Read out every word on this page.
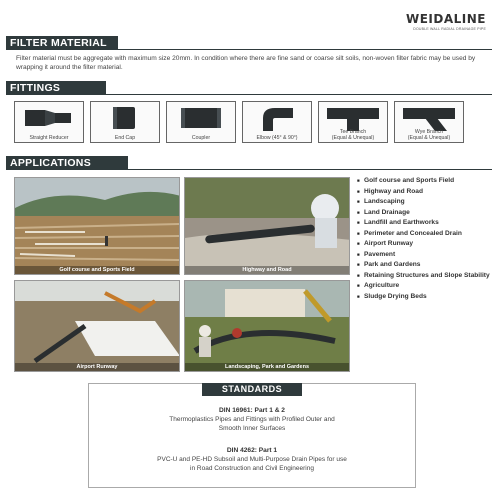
WEIDALINE
DOUBLE WALL RADIAL DRAINAGE PIPE
FILTER MATERIAL

Filter material must be aggregate with maximum size 20mm. In condition where there are fine sand or coarse silt soils, non-woven filter fabric may be used by wrapping it around the filter material.

FITTINGS
Straight Reducer	End Cap	Coupler	Elbow (45° & 90°)
Tee Branch
(Equal & Unequal)
Wye Branch
(Equal & Unequal)
APPLICATIONS
Golf course and Sports Field	Highway and Road
Airport Runway	Landscaping, Park and Gardens
■ Golf course and Sports Field
■ Highway and Road
■ Landscaping
■ Land Drainage
■ Landfill and Earthworks
■ Perimeter and Concealed Drain
■ Airport Runway
■ Pavement
■ Park and Gardens
■ Retaining Structures and Slope Stability
■ Agriculture
■ Sludge Drying Beds
STANDARDS
DIN 16961: Part 1 & 2
Thermoplastics Pipes and Fittings with Profiled Outer and
Smooth Inner Surfaces
DIN 4262: Part 1
PVC-U and PE-HD Subsoil and Multi-Purpose Drain Pipes for use
in Road Construction and Civil Engineering
